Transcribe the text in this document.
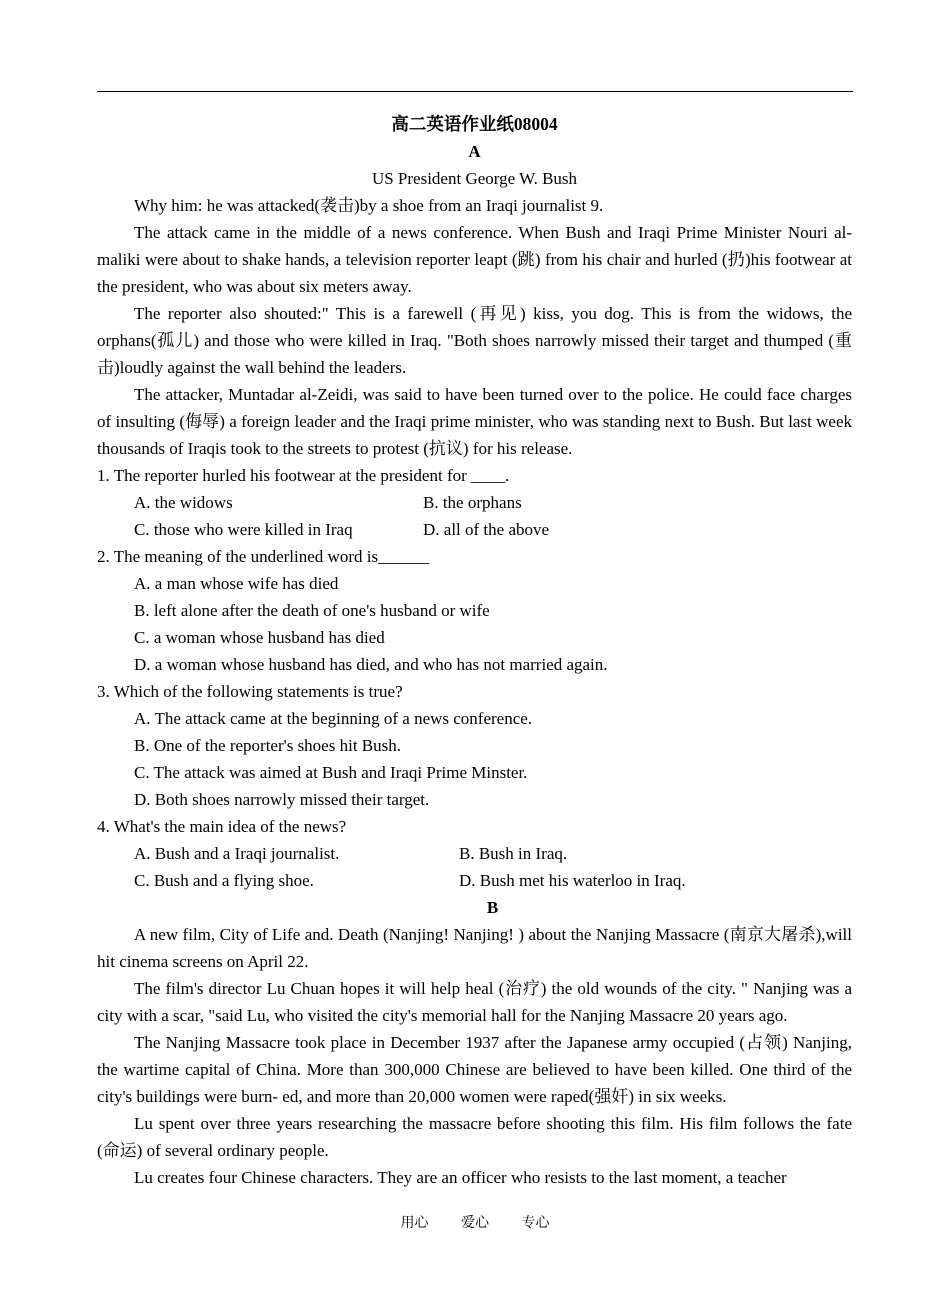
高二英语作业纸08004
A
US President George W. Bush
Why him: he was attacked(袭击)by a shoe from an Iraqi journalist 9.
The attack came in the middle of a news conference. When Bush and Iraqi Prime Minister Nouri al-maliki were about to shake hands, a television reporter leapt (跳) from his chair and hurled (扔)his footwear at the president, who was about six meters away.
The reporter also shouted:" This is a farewell (再见) kiss, you dog. This is from the widows, the orphans(孤儿) and those who were killed in Iraq. "Both shoes narrowly missed their target and thumped (重击)loudly against the wall behind the leaders.
The attacker, Muntadar al-Zeidi, was said to have been turned over to the police. He could face charges of insulting (侮辱) a foreign leader and the Iraqi prime minister, who was standing next to Bush. But last week thousands of Iraqis took to the streets to protest (抗议) for his release.
1. The reporter hurled his footwear at the president for ____.
A. the widows	B. the orphans
C. those who were killed in Iraq	D. all of the above
2. The meaning of the underlined word is______
A. a man whose wife has died
B. left alone after the death of one's husband or wife
C. a woman whose husband has died
D. a woman whose husband has died, and who has not married again.
3. Which of the following statements is true?
A. The attack came at the beginning of a news conference.
B. One of the reporter's shoes hit Bush.
C. The attack was aimed at Bush and Iraqi Prime Minster.
D. Both shoes narrowly missed their target.
4. What's the main idea of the news?
A. Bush and a Iraqi journalist.	B. Bush in Iraq.
C. Bush and a flying shoe.	D. Bush met his waterloo in Iraq.
B
A new film, City of Life and. Death (Nanjing! Nanjing! ) about the Nanjing Massacre (南京大屠杀),will hit cinema screens on April 22.
The film's director Lu Chuan hopes it will help heal (治疗) the old wounds of the city. " Nanjing was a city with a scar, "said Lu, who visited the city's memorial hall for the Nanjing Massacre 20 years ago.
The Nanjing Massacre took place in December 1937 after the Japanese army occupied (占领) Nanjing, the wartime capital of China. More than 300,000 Chinese are believed to have been killed. One third of the city's buildings were burn- ed, and more than 20,000 women were raped(强奸) in six weeks.
Lu spent over three years researching the massacre before shooting this film. His film follows the fate (命运) of several ordinary people.
Lu creates four Chinese characters. They are an officer who resists to the last moment, a teacher
用心 爱心 专心
